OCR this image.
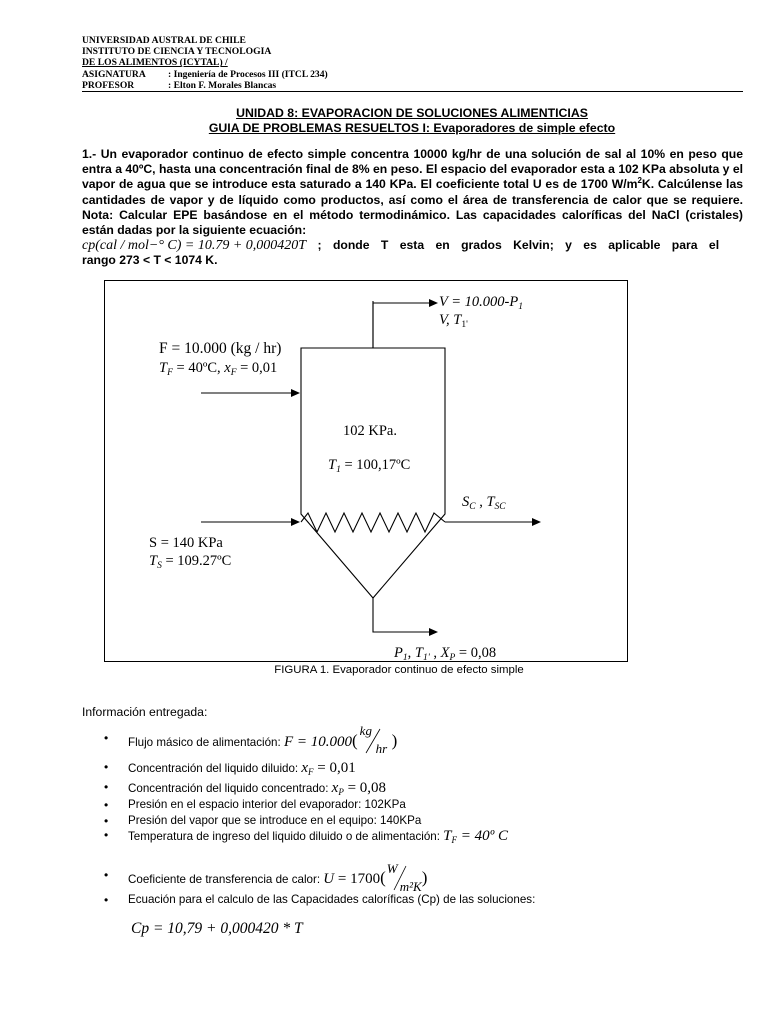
UNIVERSIDAD AUSTRAL DE CHILE
INSTITUTO DE CIENCIA Y TECNOLOGIA
DE LOS ALIMENTOS (ICYTAL) /
ASIGNATURA : Ingeniería de Procesos III (ITCL 234)
PROFESOR	: Elton F. Morales Blancas
UNIDAD 8: EVAPORACION DE SOLUCIONES ALIMENTICIAS
GUIA DE PROBLEMAS RESUELTOS I: Evaporadores de simple efecto

1.- Un evaporador continuo de efecto simple concentra 10000 kg/hr de una solución de sal al 10% en peso que entra a 40ºC, hasta una concentración final de 8% en peso. El espacio del evaporador esta a 102 KPa absoluta y el vapor de agua que se introduce esta saturado a 140 KPa. El coeficiente total U es de 1700 $W/m^2K$. Calcúlense las cantidades de vapor y de líquido como productos, así como el área de transferencia de calor que se requiere. Nota: Calcular EPE basándose en el método termodinámico. Las capacidades caloríficas del NaCl (cristales) están dadas por la siguiente ecuación:

cp(cal / mol−° C) = 10.79 + 0,000420T ; donde T esta en grados Kelvin; y es aplicable para el

rango 273 < T < 1074 K.

$V = 10.000-P_1$
V, $T_{1'}$
F = 10.000 (kg / hr)
$T_F$ = 40ºC, $x_F = 0,01$
102 KPa.
$T_1$ = 100,17ºC
$S_C$ , $T_{SC}$
S = 140 KPa
$T_S$ = 109.27ºC
$P_1$, $T_{1'}$ , $X_P = 0,08$
FIGURA 1. Evaporador continuo de efecto simple
Información entregada:
• Flujo másico de alimentación: F = 10.000(
kg
hr )
• Concentración del liquido diluido: $x_F = 0,01$
• Concentración del liquido concentrado: $x_P = 0,08$
• Presión en el espacio interior del evaporador: 102KPa
• Presión del vapor que se introduce en el equipo: 140KPa
• Temperatura de ingreso del liquido diluido o de alimentación: $T_F$ = 40º C
• Coeficiente de transferencia de calor: U = 1700( W
m²K )
• Ecuación para el calculo de las Capacidades caloríficas (Cp) de las soluciones:
Cp = 10,79 + 0,000420 * T
